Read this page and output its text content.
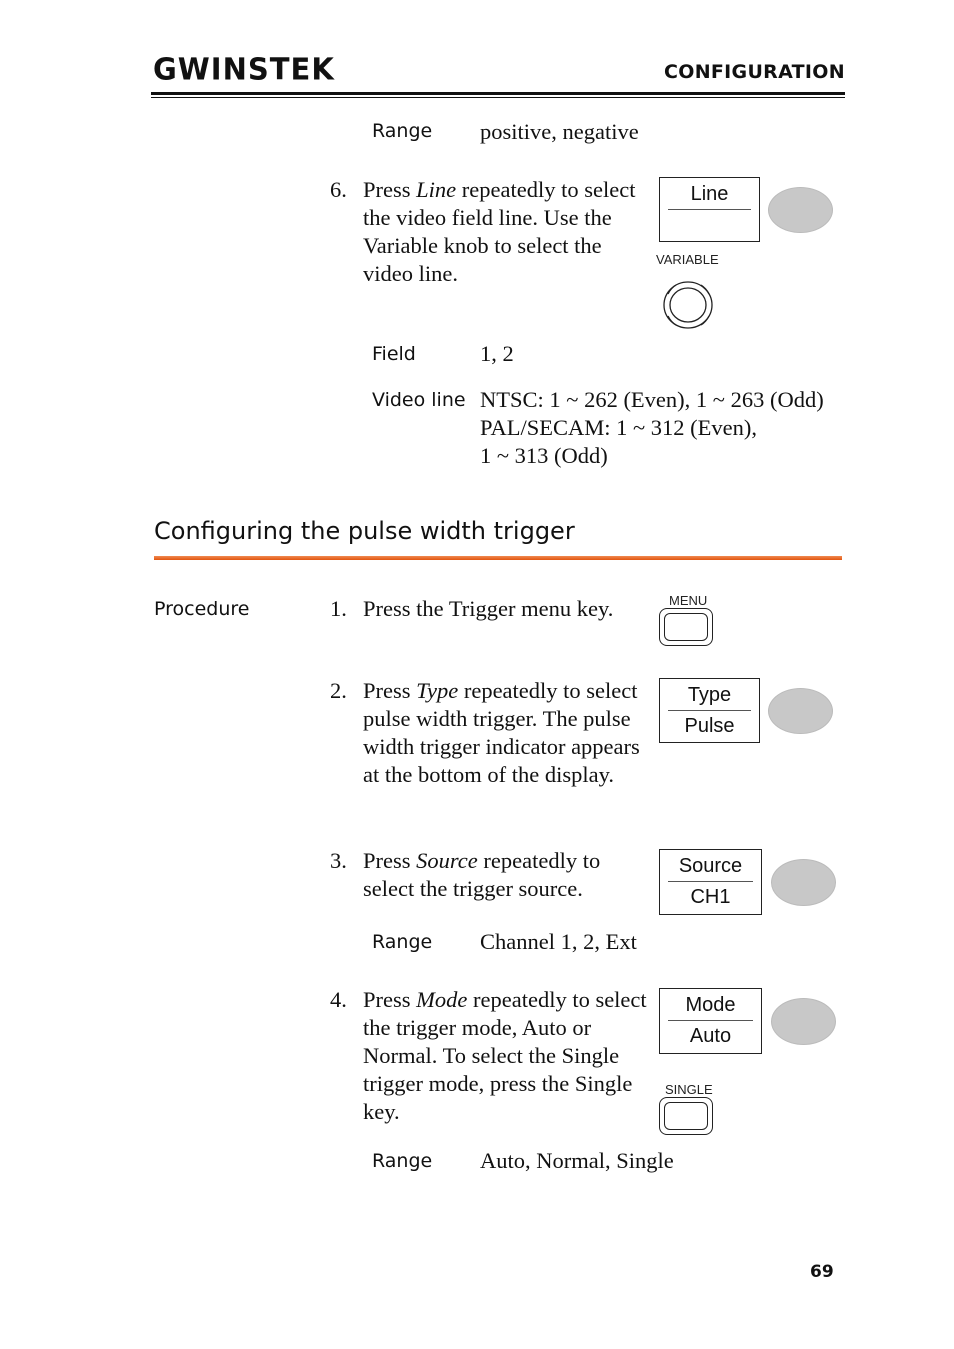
GWINSTEK	CONFIGURATION
Range positive, negative
6. Press Line repeatedly to select the video field line. Use the Variable knob to select the video line.
Line
VARIABLE
Field	1, 2
Video line NTSC: 1 ~ 262 (Even), 1 ~ 263 (Odd)
PAL/SECAM: 1 ~ 312 (Even),
1 ~ 313 (Odd)
Configuring the pulse width trigger
Procedure	1. Press the Trigger menu key.	MENU
2. Press Type repeatedly to select pulse width trigger. The pulse width trigger indicator appears at the bottom of the display.
Type
Pulse
3. Press Source repeatedly to select the trigger source.
Source
CH1
Range Channel 1, 2, Ext
4. Press Mode repeatedly to select the trigger mode, Auto or Normal. To select the Single trigger mode, press the Single key.
Mode
Auto
SINGLE
Range Auto, Normal, Single
69
